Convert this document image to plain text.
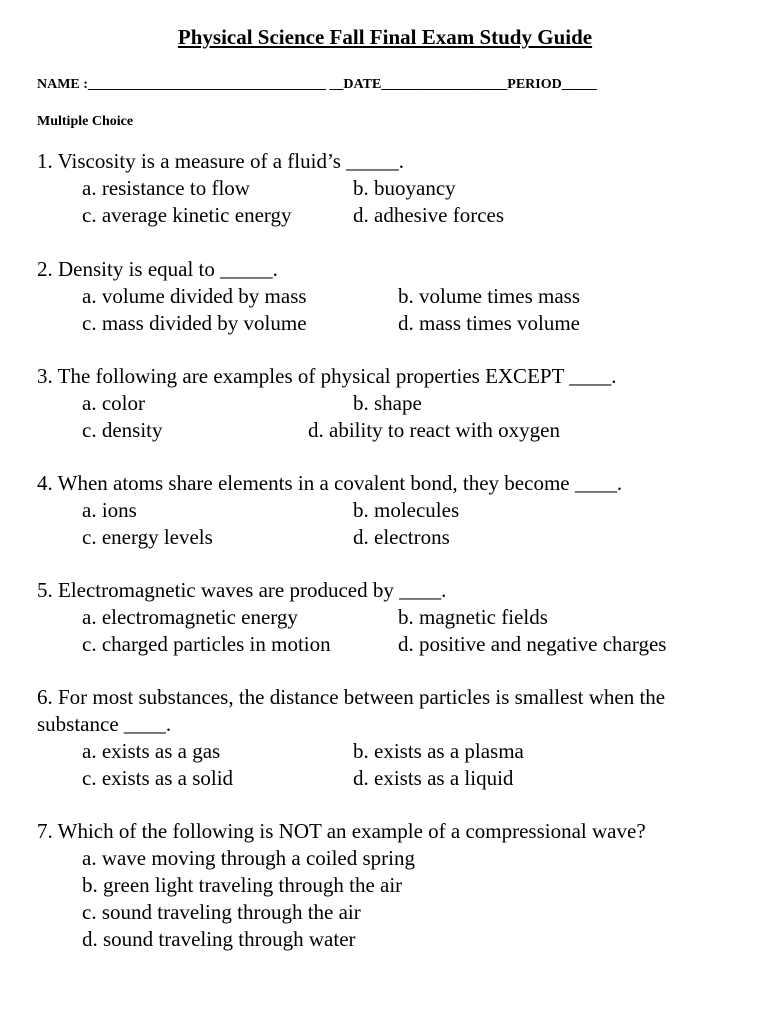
Physical Science Fall Final Exam Study Guide
NAME :__________________________________ __DATE__________________PERIOD_____
Multiple Choice
1. Viscosity is a measure of a fluid’s _____.
a. resistance to flow	b. buoyancy
c. average kinetic energy	d. adhesive forces
2. Density is equal to _____.
a. volume divided by mass	b. volume times mass
c. mass divided by volume	d. mass times volume
3. The following are examples of physical properties EXCEPT ____.
a. color	b. shape
c. density	d. ability to react with oxygen
4. When atoms share elements in a covalent bond, they become ____.
a. ions	b. molecules
c. energy levels	d. electrons
5. Electromagnetic waves are produced by ____.
a. electromagnetic energy	b. magnetic fields
c. charged particles in motion	d. positive and negative charges
6. For most substances, the distance between particles is smallest when the
substance ____.
a. exists as a gas	b. exists as a plasma
c. exists as a solid	d. exists as a liquid
7. Which of the following is NOT an example of a compressional wave?
a. wave moving through a coiled spring
b. green light traveling through the air
c. sound traveling through the air
d. sound traveling through water
